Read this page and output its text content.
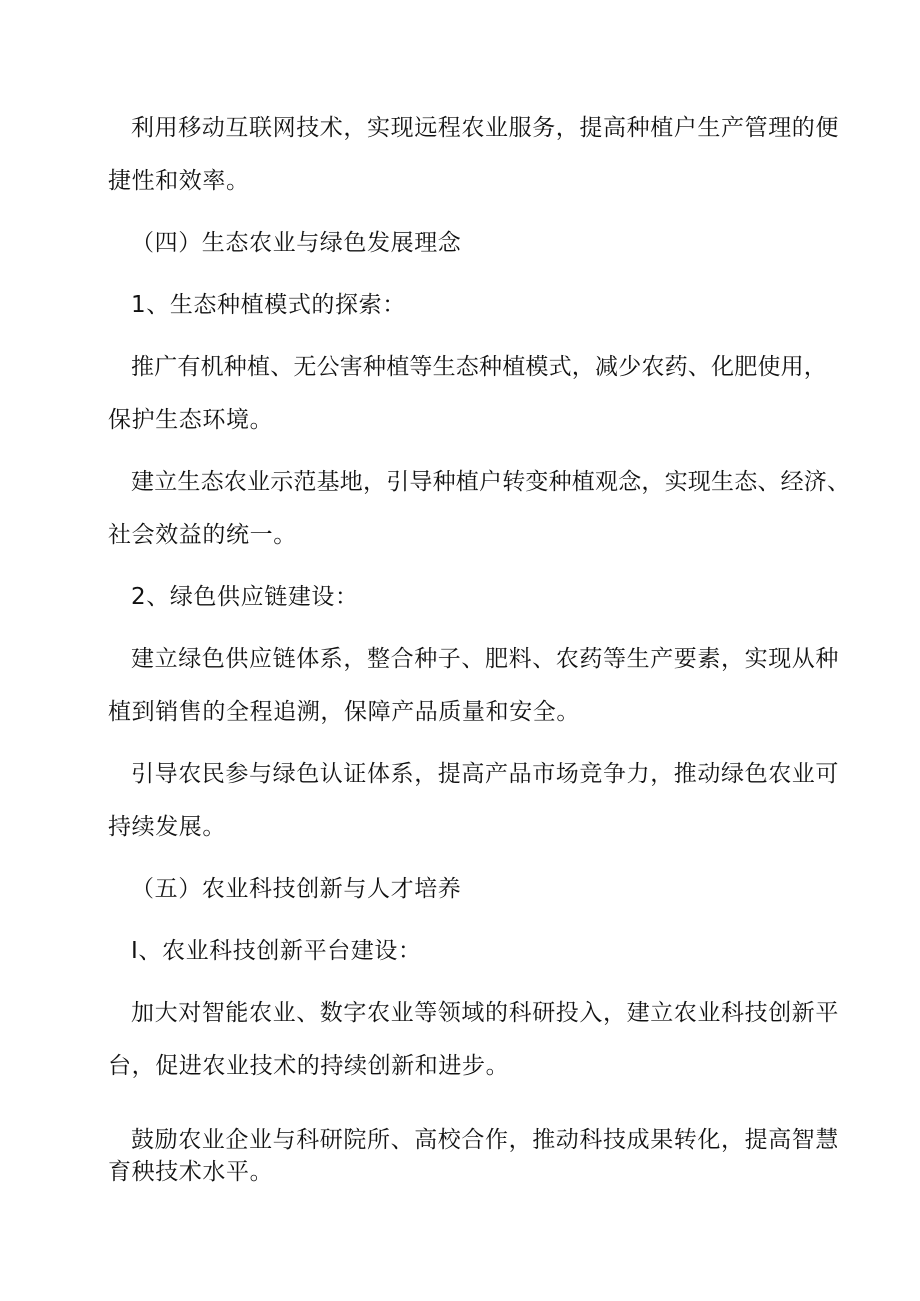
利用移动互联网技术，实现远程农业服务，提高种植户生产管理的便
捷性和效率。
（四）生态农业与绿色发展理念
1、生态种植模式的探索：
推广有机种植、无公害种植等生态种植模式，减少农药、化肥使用，
保护生态环境。
建立生态农业示范基地，引导种植户转变种植观念，实现生态、经济、
社会效益的统一。
2、绿色供应链建设：
建立绿色供应链体系，整合种子、肥料、农药等生产要素，实现从种
植到销售的全程追溯，保障产品质量和安全。
引导农民参与绿色认证体系，提高产品市场竞争力，推动绿色农业可
持续发展。
（五）农业科技创新与人才培养
I、农业科技创新平台建设：
加大对智能农业、数字农业等领域的科研投入，建立农业科技创新平
台，促进农业技术的持续创新和进步。
鼓励农业企业与科研院所、高校合作，推动科技成果转化，提高智慧
育秧技术水平。
